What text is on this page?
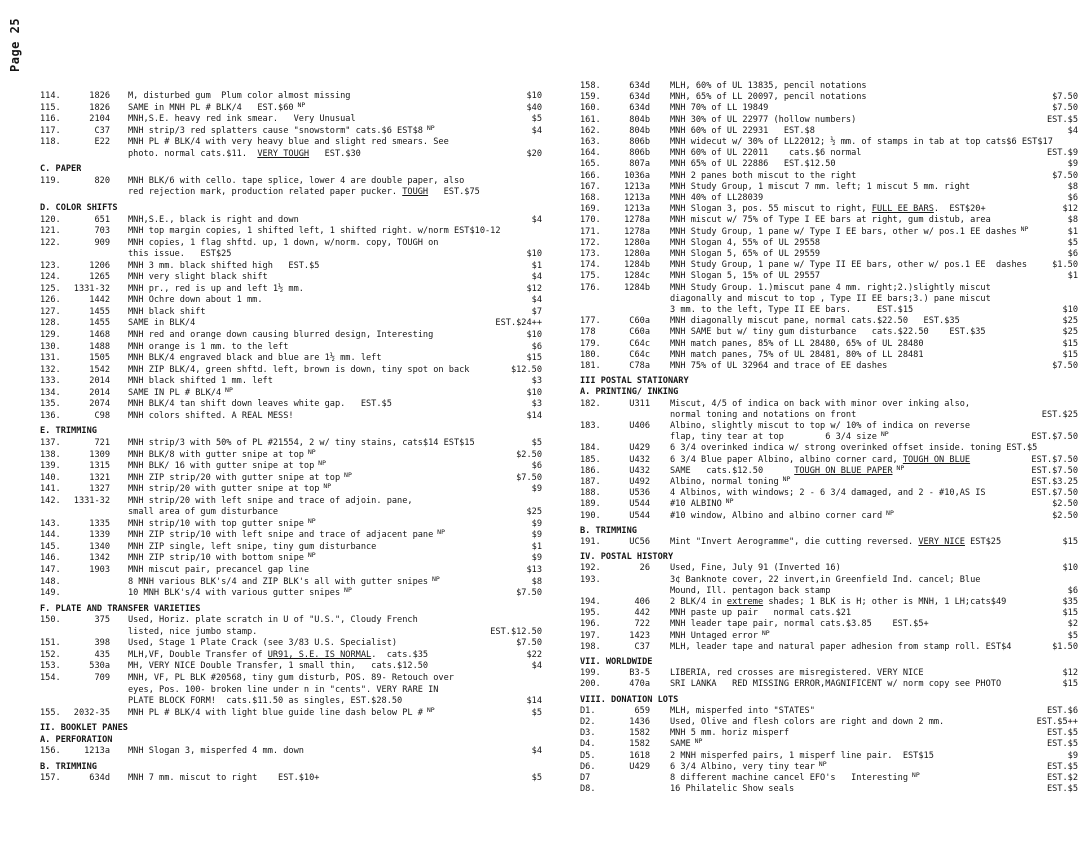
Page 25
114.	1826 M, disturbed gum  Plum color almost missing	$10
115.	1826 SAME in MNH PL # BLK/4   EST.$60 $^{NP}$	$40
116.	2104 MNH,S.E. heavy red ink smear.   Very Unusual	$5
117.	C37 MNH strip/3 red splatters cause "snowstorm" cats.$6 EST$8 $^{NP}$	$4
118.	E22 MNH PL # BLK/4 with very heavy blue and slight red smears. See
photo. normal cats.$11.  VERY TOUGH   EST.$30	$20
C. PAPER
119.	820 MNH BLK/6 with cello. tape splice, lower 4 are double paper, also
red rejection mark, production related paper pucker. TOUGH   EST.$75
D. COLOR SHIFTS
120.	651 MNH,S.E., black is right and down	$4
121.	703 MNH top margin copies, 1 shifted left, 1 shifted right. w/norm EST$10-12
122.	909 MNH copies, 1 flag shftd. up, 1 down, w/norm. copy, TOUGH on
this issue.   EST$25	$10
123.	1206 MNH 3 mm. black shifted high   EST.$5	$1
124.	1265 MNH very slight black shift	$4
125.	1331-32 MNH pr., red is up and left 1½ mm.	$12
126.	1442 MNH Ochre down about 1 mm.	$4
127.	1455 MNH black shift	$7
128.	1455 SAME in BLK/4	EST.$24++
129.	1468 MNH red and orange down causing blurred design, Interesting	$10
130.	1488 MNH orange is 1 mm. to the left	$6
131.	1505 MNH BLK/4 engraved black and blue are 1½ mm. left	$15
132.	1542 MNH ZIP BLK/4, green shftd. left, brown is down, tiny spot on back	$12.50
133.	2014 MNH black shifted 1 mm. left	$3
134.	2014 SAME IN PL # BLK/4 $^{NP}$	$10
135.	2074 MNH BLK/4 tan shift down leaves white gap.   EST.$5	$3
136.	C98 MNH colors shifted. A REAL MESS!	$14
E. TRIMMING
137.	721 MNH strip/3 with 50% of PL #21554, 2 w/ tiny stains, cats$14 EST$15	$5
138.	1309 MNH BLK/8 with gutter snipe at top $^{NP}$	$2.50
139.	1315 MNH BLK/ 16 with gutter snipe at top $^{NP}$	$6
140.	1321 MNH ZIP strip/20 with gutter snipe at top $^{NP}$	$7.50
141.	1327 MNH strip/20 with gutter snipe at top $^{NP}$	$9
142.	1331-32 MNH strip/20 with left snipe and trace of adjoin. pane,
small area of gum disturbance	$25
143.	1335 MNH strip/10 with top gutter snipe $^{NP}$	$9
144.	1339 MNH ZIP strip/10 with left snipe and trace of adjacent pane $^{NP}$	$9
145.	1340 MNH ZIP single, left snipe, tiny gum disturbance	$1
146.	1342 MNH ZIP strip/10 with bottom snipe $^{NP}$	$9
147.	1903 MNH miscut pair, precancel gap line	$13
148.	8 MNH various BLK's/4 and ZIP BLK's all with gutter snipes $^{NP}$	$8
149.	10 MNH BLK's/4 with various gutter snipes $^{NP}$	$7.50
F. PLATE AND TRANSFER VARIETIES
150.	375 Used, Horiz. plate scratch in U of "U.S.", Cloudy French
listed, nice jumbo stamp.	EST.$12.50
151.	398 Used, Stage 1 Plate Crack (see 3/83 U.S. Specialist)	$7.50
152.	435 MLH,VF, Double Transfer of UR91, S.E. IS NORMAL.  cats.$35	$22
153.	530a MH, VERY NICE Double Transfer, 1 small thin,   cats.$12.50	$4
154.	709 MNH, VF, PL BLK #20568, tiny gum disturb, POS. 89- Retouch over
eyes, Pos. 100- broken line under n in "cents". VERY RARE IN
PLATE BLOCK FORM!  cats.$11.50 as singles, EST.$28.50	$14
155.	2032-35 MNH PL # BLK/4 with light blue guide line dash below PL # $^{NP}$	$5
II. BOOKLET PANES
A. PERFORATION
156.	1213a MNH Slogan 3, misperfed 4 mm. down	$4
B. TRIMMING
157.	634d MNH 7 mm. miscut to right    EST.$10+	$5
158.	634d MLH, 60% of UL 13835, pencil notations
159.	634d MNH, 65% of LL 20097, pencil notations	$7.50
160.	634d MNH 70% of LL 19849	$7.50
161.	804b MNH 30% of UL 22977 (hollow numbers)	EST.$5
162.	804b MNH 60% of UL 22931   EST.$8	$4
163.	806b MNH widecut w/ 30% of LL22012; ½ mm. of stamps in tab at top cats$6 EST$17
164.	806b MNH 60% of UL 22011    cats.$6 normal	EST.$9
165.	807a MNH 65% of UL 22886   EST.$12.50	$9
166.	1036a MNH 2 panes both miscut to the right	$7.50
167.	1213a MNH Study Group, 1 miscut 7 mm. left; 1 miscut 5 mm. right	$8
168.	1213a MNH 40% of LL28039	$6
169.	1213a MNH Slogan 3, pos. 55 miscut to right, FULL EE BARS.  EST$20+	$12
170.	1278a MNH miscut w/ 75% of Type I EE bars at right, gum distub, area	$8
171.	1278a MNH Study Group, 1 pane w/ Type I EE bars, other w/ pos.1 EE dashes $^{NP}$	$1
172.	1280a MNH Slogan 4, 55% of UL 29558	$5
173.	1280a MNH Slogan 5, 65% of UL 29559	$6
174.	1284b MNH Study Group, 1 pane w/ Type II EE bars, other w/ pos.1 EE  dashes	$1.50
175.	1284c MNH Slogan 5, 15% of UL 29557	$1
176.	1284b MNH Study Group. 1.)miscut pane 4 mm. right;2.)slightly miscut
diagonally and miscut to top , Type II EE bars;3.) pane miscut
3 mm. to the left, Type II EE bars.     EST.$15	$10
177.	C60a MNH diagonally miscut pane, normal cats.$22.50   EST.$35	$25
178	C60a MNH SAME but w/ tiny gum disturbance   cats.$22.50    EST.$35	$25
179.	C64c MNH match panes, 85% of LL 28480, 65% of UL 28480	$15
180.	C64c MNH match panes, 75% of UL 28481, 80% of LL 28481	$15
181.	C78a MNH 75% of UL 32964 and trace of EE dashes	$7.50
III POSTAL STATIONARY
A. PRINTING/ INKING
182.	U311 Miscut, 4/5 of indica on back with minor over inking also,
normal toning and notations on front	EST.$25
183.	U406 Albino, slightly miscut to top w/ 10% of indica on reverse
flap, tiny tear at top        6 3/4 size $^{NP}$	EST.$7.50
184.	U429 6 3/4 overinked indica w/ strong overinked offset inside. toning EST.$5
185.	U432 6 3/4 Blue paper Albino, albino corner card, TOUGH ON BLUE	EST.$7.50
186.	U432 SAME   cats.$12.50      TOUGH ON BLUE PAPER $^{NP}$	EST.$7.50
187.	U492 Albino, normal toning $^{NP}$	EST.$3.25
188.	U536 4 Albinos, with windows; 2 - 6 3/4 damaged, and 2 - #10,AS IS	EST.$7.50
189.	U544 #10 ALBINO $^{NP}$	$2.50
190.	U544 #10 window, Albino and albino corner card $^{NP}$	$2.50
B. TRIMMING
191.	UC56 Mint "Invert Aerogramme", die cutting reversed. VERY NICE EST$25	$15
IV. POSTAL HISTORY
192.	26 Used, Fine, July 91 (Inverted 16)	$10
193.	3¢ Banknote cover, 22 invert,in Greenfield Ind. cancel; Blue
Mound, Ill. pentagon back stamp	$6
194.	406 2 BLK/4 in extreme shades; 1 BLK is H; other is MNH, 1 LH;cats$49	$35
195.	442 MNH paste up pair   normal cats.$21	$15
196.	722 MNH leader tape pair, normal cats.$3.85    EST.$5+	$2
197.	1423 MNH Untaged error $^{NP}$	$5
198.	C37 MLH, leader tape and natural paper adhesion from stamp roll. EST$4	$1.50
VII. WORLDWIDE
199.	B3-5 LIBERIA, red crosses are misregistered. VERY NICE	$12
200.	470a SRI LANKA   RED MISSING ERROR,MAGNIFICENT w/ norm copy see PHOTO	$15
VIII. DONATION LOTS
D1.	659 MLH, misperfed into "STATES"	EST.$6
D2.	1436 Used, Olive and flesh colors are right and down 2 mm.	EST.$5++
D3.	1582 MNH 5 mm. horiz misperf	EST.$5
D4.	1582 SAME $^{NP}$	EST.$5
D5.	1618 2 MNH misperfed pairs, 1 misperf line pair.  EST$15	$9
D6.	U429 6 3/4 Albino, very tiny tear $^{NP}$	EST.$5
D7	8 different machine cancel EFO's   Interesting $^{NP}$	EST.$2
D8.	16 Philatelic Show seals	EST.$5
